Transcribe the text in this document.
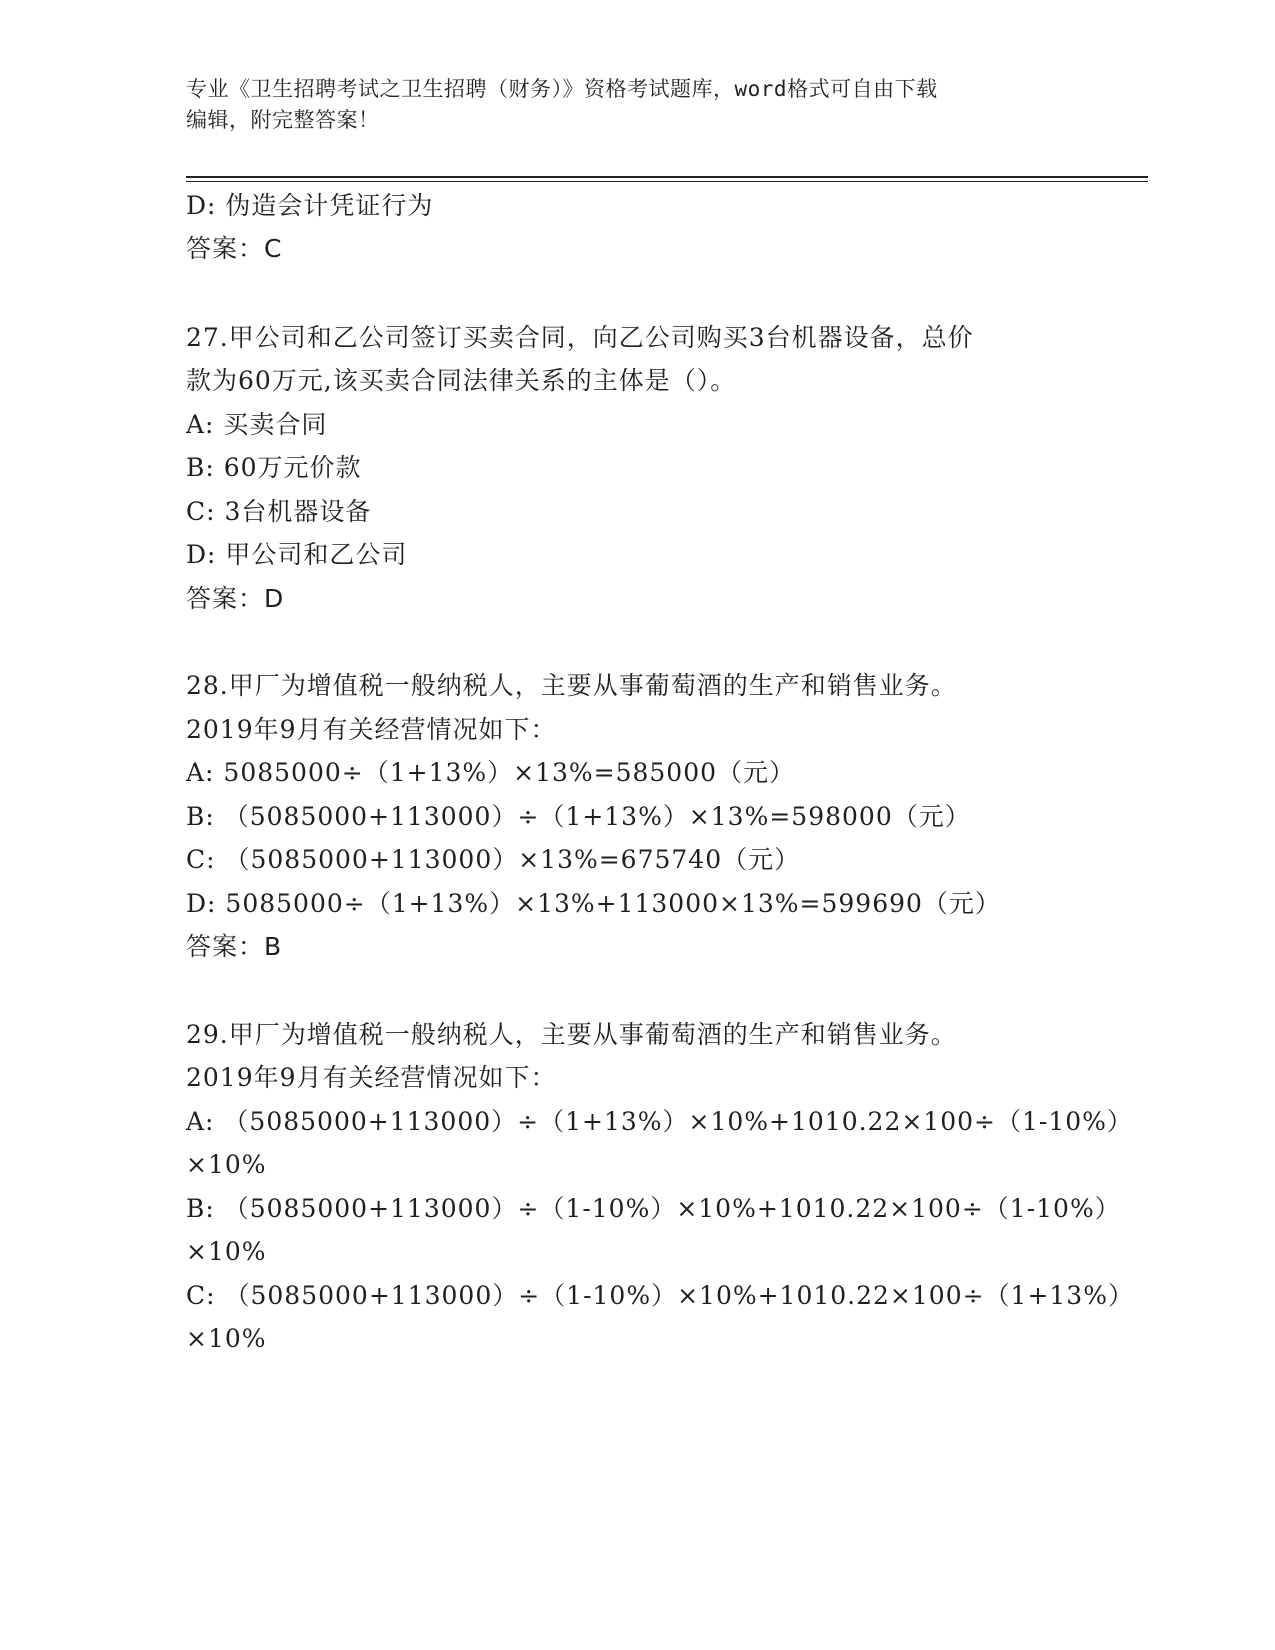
专业《卫生招聘考试之卫生招聘（财务）》资格考试题库，word格式可自由下载
编辑，附完整答案！
D: 伪造会计凭证行为
答案：C
27.甲公司和乙公司签订买卖合同，向乙公司购买3台机器设备，总价
款为60万元,该买卖合同法律关系的主体是（）。
A: 买卖合同
B: 60万元价款
C: 3台机器设备
D: 甲公司和乙公司
答案：D
28.甲厂为增值税一般纳税人，主要从事葡萄酒的生产和销售业务。
2019年9月有关经营情况如下：
A: 5085000÷（1+13%）×13%=585000（元）
B: （5085000+113000）÷（1+13%）×13%=598000（元）
C: （5085000+113000）×13%=675740（元）
D: 5085000÷（1+13%）×13%+113000×13%=599690（元）
答案：B
29.甲厂为增值税一般纳税人，主要从事葡萄酒的生产和销售业务。
2019年9月有关经营情况如下：
A: （5085000+113000）÷（1+13%）×10%+1010.22×100÷（1-10%）
×10%
B: （5085000+113000）÷（1-10%）×10%+1010.22×100÷（1-10%）
×10%
C: （5085000+113000）÷（1-10%）×10%+1010.22×100÷（1+13%）
×10%
